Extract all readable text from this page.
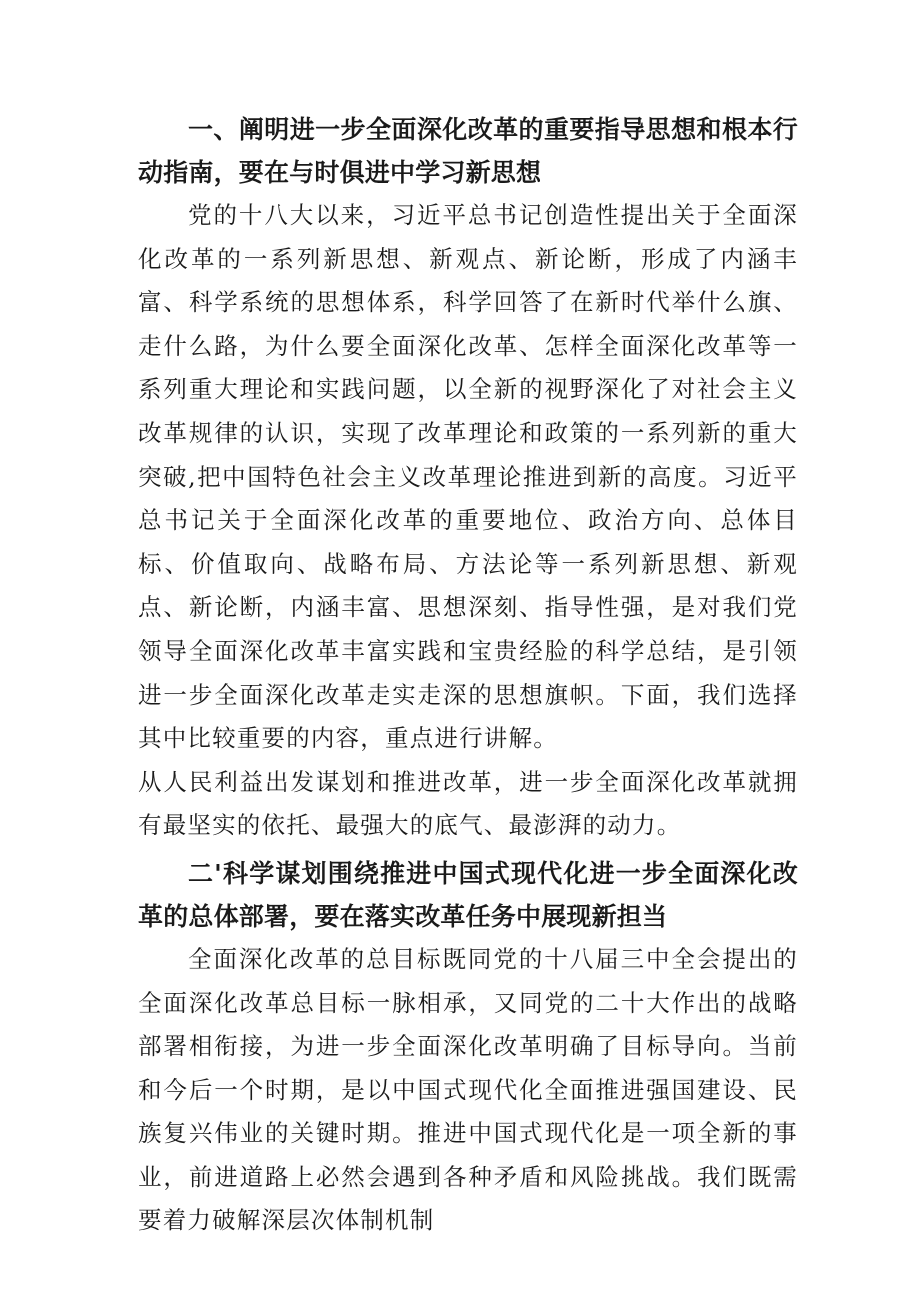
一、阐明进一步全面深化改革的重要指导思想和根本行动指南，要在与时俱进中学习新思想

党的十八大以来，习近平总书记创造性提出关于全面深化改革的一系列新思想、新观点、新论断，形成了内涵丰富、科学系统的思想体系，科学回答了在新时代举什么旗、走什么路，为什么要全面深化改革、怎样全面深化改革等一系列重大理论和实践问题，以全新的视野深化了对社会主义改革规律的认识，实现了改革理论和政策的一系列新的重大突破,把中国特色社会主义改革理论推进到新的高度。习近平总书记关于全面深化改革的重要地位、政治方向、总体目标、价值取向、战略布局、方法论等一系列新思想、新观点、新论断，内涵丰富、思想深刻、指导性强，是对我们党领导全面深化改革丰富实践和宝贵经脸的科学总结，是引领进一步全面深化改革走实走深的思想旗帜。下面，我们选择其中比较重要的内容，重点进行讲解。

从人民利益出发谋划和推进改革，进一步全面深化改革就拥有最坚实的依托、最强大的底气、最澎湃的动力。

二'科学谋划围绕推进中国式现代化进一步全面深化改革的总体部署，要在落实改革任务中展现新担当

全面深化改革的总目标既同党的十八届三中全会提出的全面深化改革总目标一脉相承，又同党的二十大作出的战略部署相衔接，为进一步全面深化改革明确了目标导向。当前和今后一个时期，是以中国式现代化全面推进强国建设、民族复兴伟业的关键时期。推进中国式现代化是一项全新的事业，前进道路上必然会遇到各种矛盾和风险挑战。我们既需要着力破解深层次体制机制
